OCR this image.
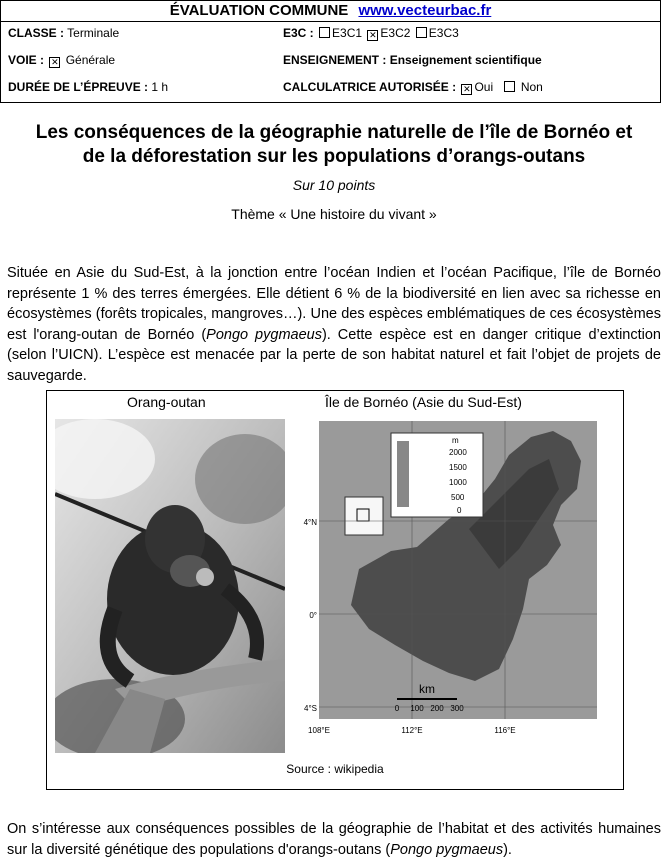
ÉVALUATION COMMUNE www.vecteurbac.fr
CLASSE : Terminale	E3C : E3C1 ✕ E3C2 E3C3
VOIE : ✕ Générale	ENSEIGNEMENT : Enseignement scientifique
DURÉE DE L’ÉPREUVE : 1 h	CALCULATRICE AUTORISÉE : ✕ Oui Non
Les conséquences de la géographie naturelle de l’île de Bornéo et
de la déforestation sur les populations d’orangs-outans
Sur 10 points
Thème « Une histoire du vivant »
Située en Asie du Sud-Est, à la jonction entre l’océan Indien et l’océan Pacifique, l’île de Bornéo représente 1 % des terres émergées. Elle détient 6 % de la biodiversité en lien avec sa richesse en écosystèmes (forêts tropicales, mangroves…). Une des espèces emblématiques de ces écosystèmes est l'orang-outan de Bornéo (Pongo pygmaeus). Cette espèce est en danger critique d’extinction (selon l’UICN). L’espèce est menacée par la perte de son habitat naturel et fait l’objet de projets de sauvegarde.
Orang-outan	Île de Bornéo (Asie du Sud-Est)
4°N
0°
4°S
108°E	112°E	116°E
m
2000
1500
1000
500
0
km
0 100 200 300
Source : wikipedia
On s’intéresse aux conséquences possibles de la géographie de l’habitat et des activités humaines sur la diversité génétique des populations d'orangs-outans (Pongo pygmaeus).
